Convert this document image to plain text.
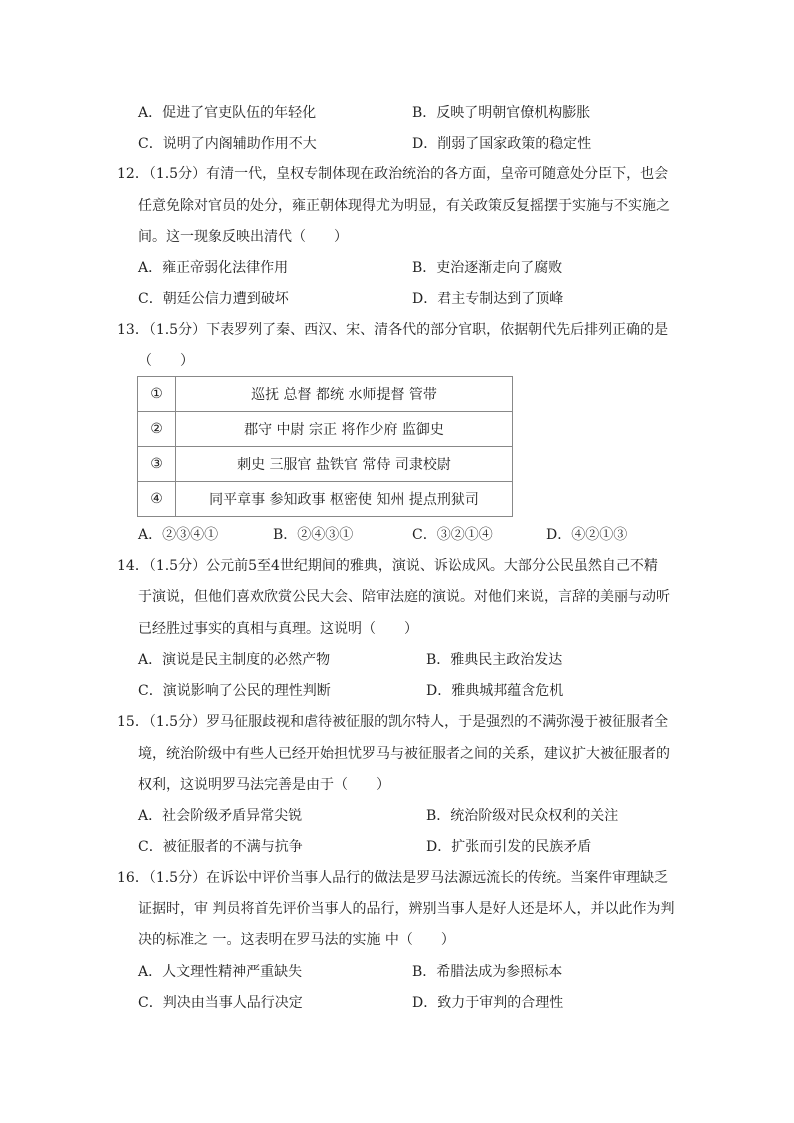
A．促进了官吏队伍的年轻化	B．反映了明朝官僚机构膨胀
C．说明了内阁辅助作用不大	D．削弱了国家政策的稳定性
12．（1.5分）有清一代，皇权专制体现在政治统治的各方面，皇帝可随意处分臣下，也会
任意免除对官员的处分，雍正朝体现得尤为明显，有关政策反复摇摆于实施与不实施之
间。这一现象反映出清代（　　）
A．雍正帝弱化法律作用	B．吏治逐渐走向了腐败
C．朝廷公信力遭到破坏	D．君主专制达到了顶峰
13．（1.5分）下表罗列了秦、西汉、宋、清各代的部分官职，依据朝代先后排列正确的是
（　　）
①	巡抚 总督 都统 水师提督 管带
②	郡守 中尉 宗正 将作少府 监御史
③	刺史 三服官 盐铁官 常侍 司隶校尉
④	同平章事 参知政事 枢密使 知州 提点刑狱司
A．②③④①	B．②④③①	C．③②①④	D．④②①③
14．（1.5分）公元前5至4世纪期间的雅典，演说、诉讼成风。大部分公民虽然自己不精
于演说，但他们喜欢欣赏公民大会、陪审法庭的演说。对他们来说，言辞的美丽与动听
已经胜过事实的真相与真理。这说明（　　）
A．演说是民主制度的必然产物	B．雅典民主政治发达
C．演说影响了公民的理性判断	D．雅典城邦蕴含危机
15．（1.5分）罗马征服歧视和虐待被征服的凯尔特人，于是强烈的不满弥漫于被征服者全
境，统治阶级中有些人已经开始担忧罗马与被征服者之间的关系，建议扩大被征服者的
权利，这说明罗马法完善是由于（　　）
A．社会阶级矛盾异常尖锐	B．统治阶级对民众权利的关注
C．被征服者的不满与抗争	D．扩张而引发的民族矛盾
16．（1.5分）在诉讼中评价当事人品行的做法是罗马法源远流长的传统。当案件审理缺乏
证据时，审 判员将首先评价当事人的品行，辨别当事人是好人还是坏人，并以此作为判
决的标准之 一。这表明在罗马法的实施 中（　　）
A．人文理性精神严重缺失	B．希腊法成为参照标本
C．判决由当事人品行决定	D．致力于审判的合理性
